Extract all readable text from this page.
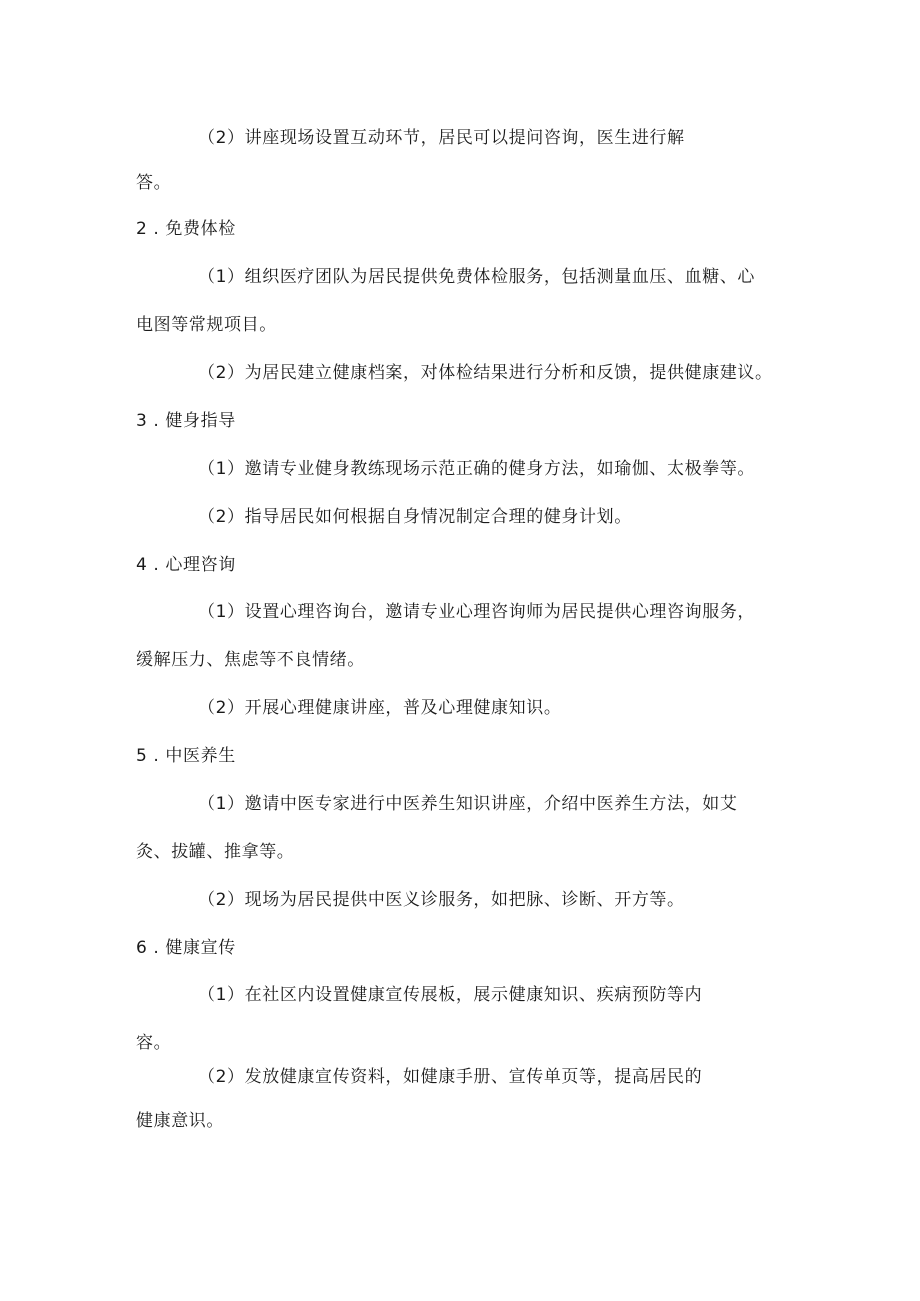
（2）讲座现场设置互动环节，居民可以提问咨询，医生进行解
答。
2 . 免费体检
（1）组织医疗团队为居民提供免费体检服务，包括测量血压、血糖、心
电图等常规项目。
（2）为居民建立健康档案，对体检结果进行分析和反馈，提供健康建议。
3 . 健身指导
（1）邀请专业健身教练现场示范正确的健身方法，如瑜伽、太极拳等。
（2）指导居民如何根据自身情况制定合理的健身计划。
4 . 心理咨询
（1）设置心理咨询台，邀请专业心理咨询师为居民提供心理咨询服务，
缓解压力、焦虑等不良情绪。
（2）开展心理健康讲座，普及心理健康知识。
5 . 中医养生
（1）邀请中医专家进行中医养生知识讲座，介绍中医养生方法，如艾
灸、拔罐、推拿等。
（2）现场为居民提供中医义诊服务，如把脉、诊断、开方等。
6 . 健康宣传
（1）在社区内设置健康宣传展板，展示健康知识、疾病预防等内
容。
（2）发放健康宣传资料，如健康手册、宣传单页等，提高居民的
健康意识。
